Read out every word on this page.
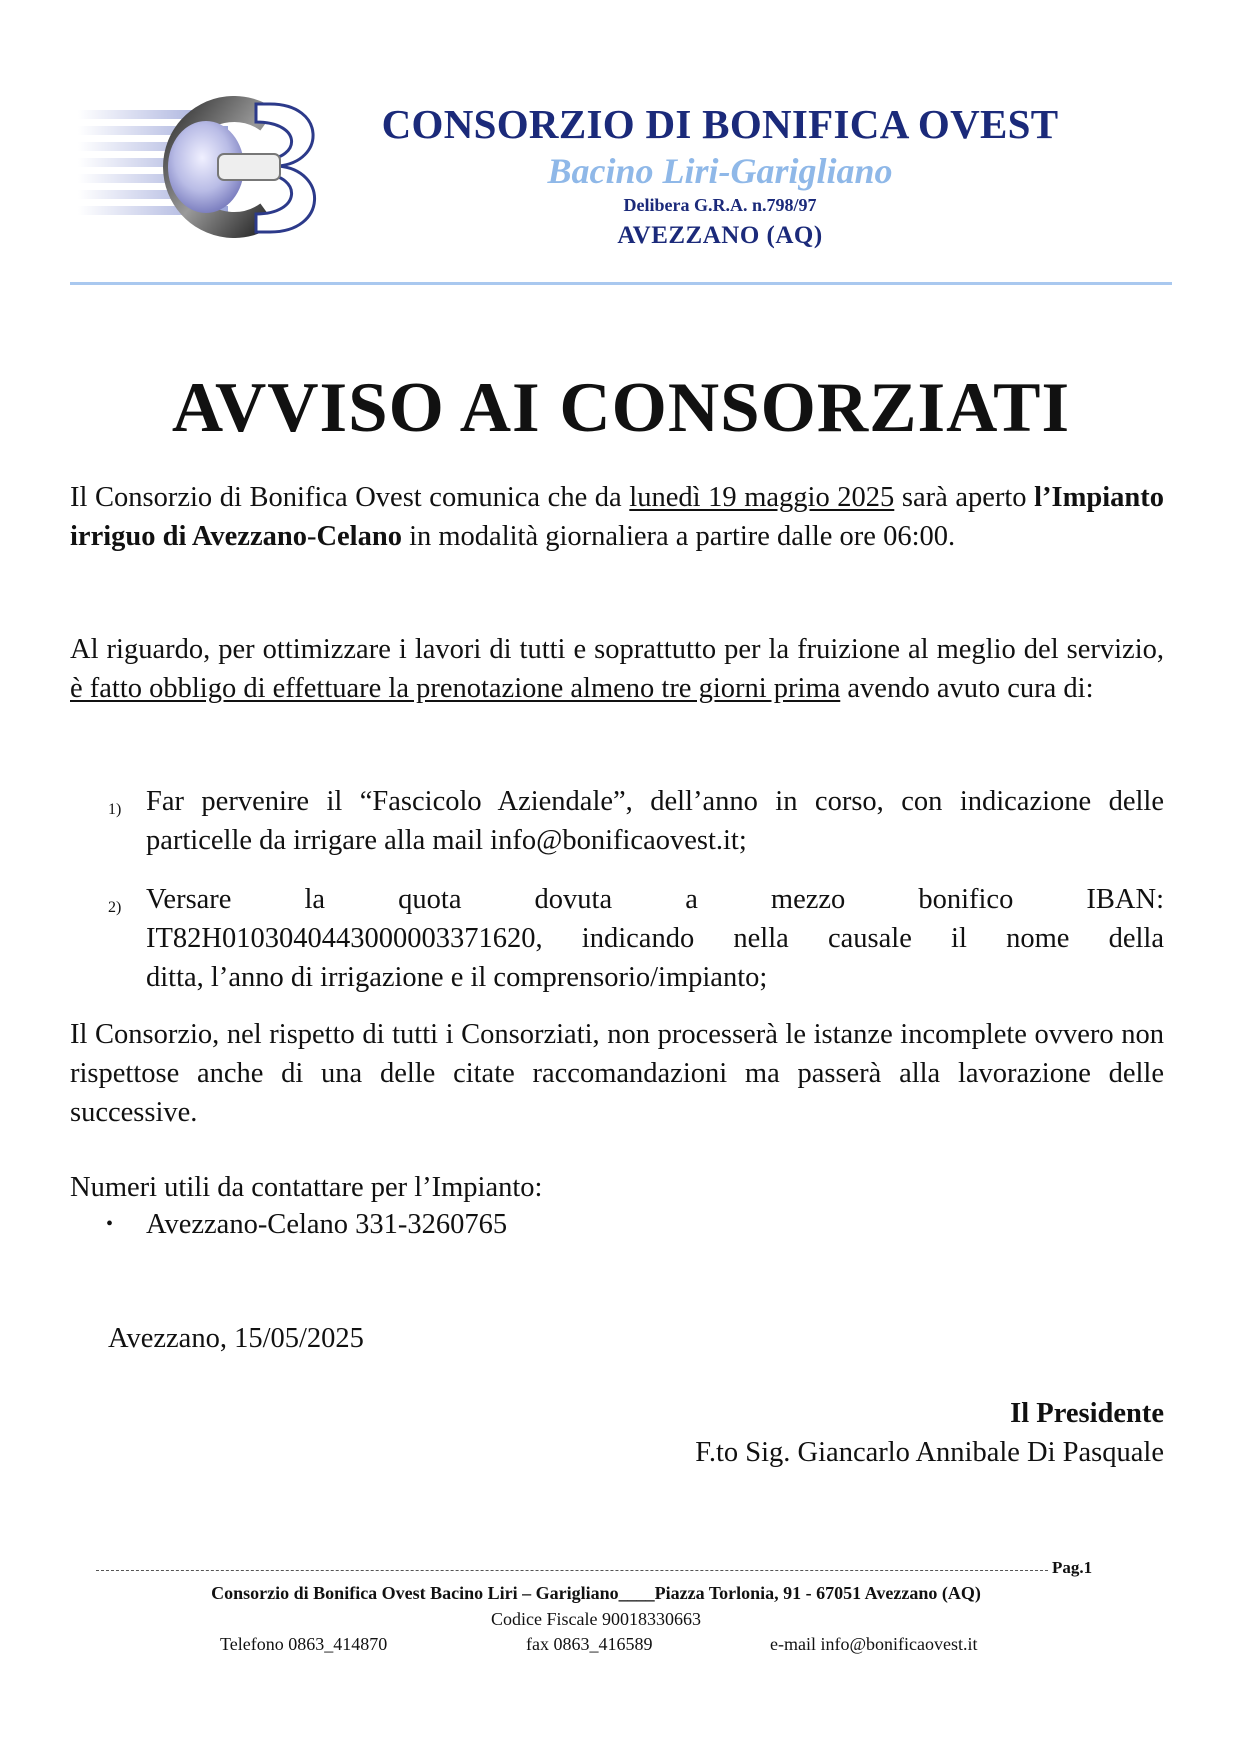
CONSORZIO DI BONIFICA OVEST
Bacino Liri-Garigliano
Delibera G.R.A. n.798/97
AVEZZANO (AQ)
AVVISO AI CONSORZIATI
Il Consorzio di Bonifica Ovest comunica che da lunedì 19 maggio 2025 sarà aperto l’Impianto irriguo di Avezzano-Celano in modalità giornaliera a partire dalle ore 06:00.
Al riguardo, per ottimizzare i lavori di tutti e soprattutto per la fruizione al meglio del servizio, è fatto obbligo di effettuare la prenotazione almeno tre giorni prima avendo avuto cura di:
1) Far pervenire il “Fascicolo Aziendale”, dell’anno in corso, con indicazione delle particelle da irrigare alla mail info@bonificaovest.it;
2) Versare la quota dovuta a mezzo bonifico IBAN:
IT82H0103040443000003371620, indicando nella causale il nome della
ditta, l’anno di irrigazione e il comprensorio/impianto;
Il Consorzio, nel rispetto di tutti i Consorziati, non processerà le istanze incomplete ovvero non rispettose anche di una delle citate raccomandazioni ma passerà alla lavorazione delle successive.
Numeri utili da contattare per l’Impianto:
• Avezzano-Celano 331-3260765
Avezzano, 15/05/2025
Il Presidente
F.to Sig. Giancarlo Annibale Di Pasquale
Pag.1
Consorzio di Bonifica Ovest Bacino Liri – Garigliano____Piazza Torlonia, 91 - 67051 Avezzano (AQ)
Codice Fiscale 90018330663
Telefono 0863_414870	fax 0863_416589	e-mail info@bonificaovest.it
